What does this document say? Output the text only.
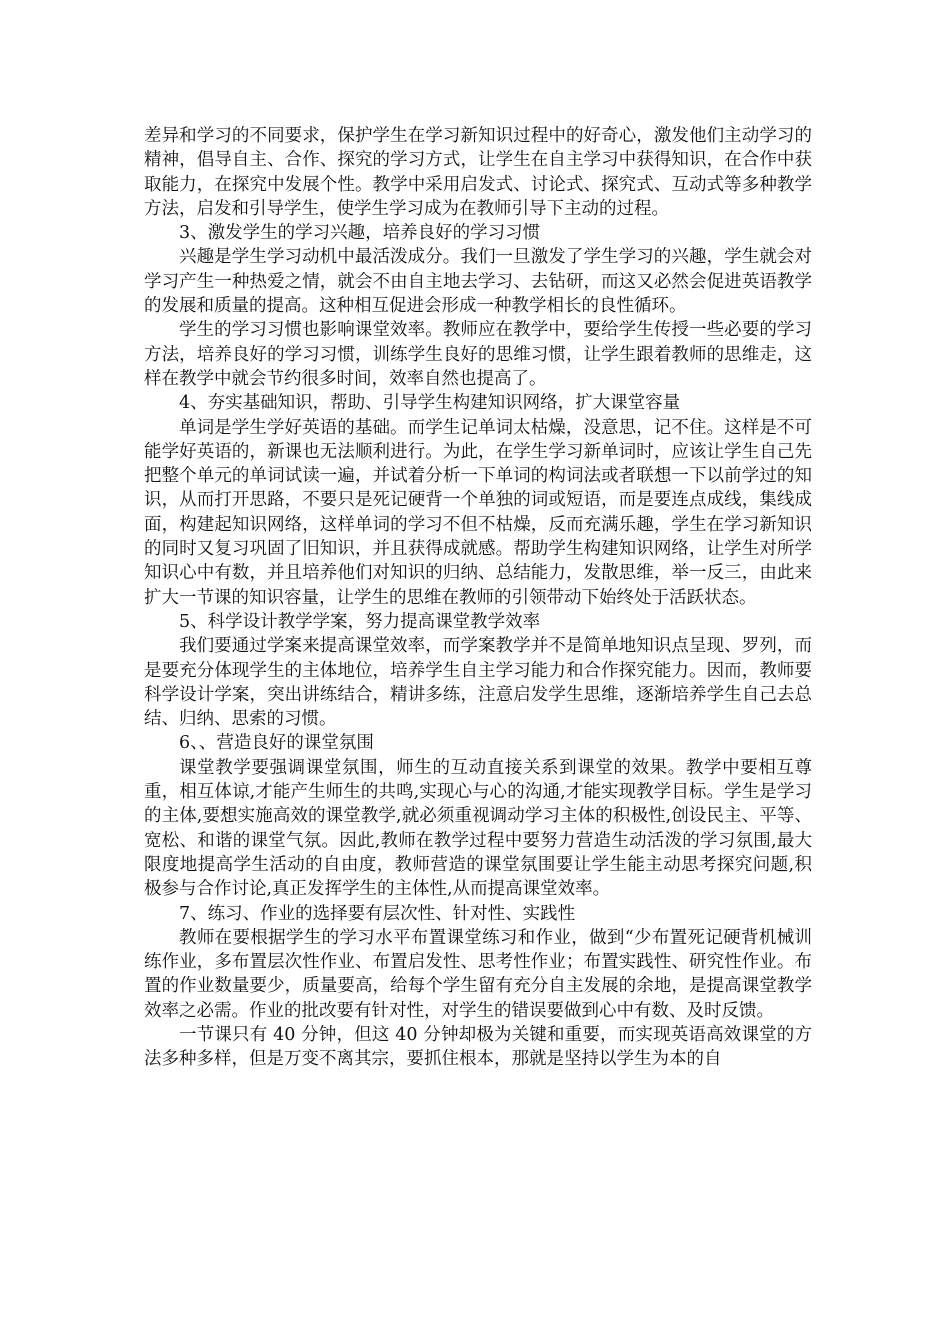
差异和学习的不同要求，保护学生在学习新知识过程中的好奇心，激发他们主动学习的精神，倡导自主、合作、探究的学习方式，让学生在自主学习中获得知识，在合作中获取能力，在探究中发展个性。教学中采用启发式、讨论式、探究式、互动式等多种教学方法，启发和引导学生，使学生学习成为在教师引导下主动的过程。

3、激发学生的学习兴趣，培养良好的学习习惯

兴趣是学生学习动机中最活泼成分。我们一旦激发了学生学习的兴趣，学生就会对学习产生一种热爱之情，就会不由自主地去学习、去钻研，而这又必然会促进英语教学的发展和质量的提高。这种相互促进会形成一种教学相长的良性循环。

学生的学习习惯也影响课堂效率。教师应在教学中，要给学生传授一些必要的学习方法，培养良好的学习习惯，训练学生良好的思维习惯，让学生跟着教师的思维走，这样在教学中就会节约很多时间，效率自然也提高了。

4、夯实基础知识，帮助、引导学生构建知识网络，扩大课堂容量

单词是学生学好英语的基础。而学生记单词太枯燥，没意思，记不住。这样是不可能学好英语的，新课也无法顺利进行。为此，在学生学习新单词时，应该让学生自己先把整个单元的单词试读一遍，并试着分析一下单词的构词法或者联想一下以前学过的知识，从而打开思路，不要只是死记硬背一个单独的词或短语，而是要连点成线，集线成面，构建起知识网络，这样单词的学习不但不枯燥，反而充满乐趣，学生在学习新知识的同时又复习巩固了旧知识，并且获得成就感。帮助学生构建知识网络，让学生对所学知识心中有数，并且培养他们对知识的归纳、总结能力，发散思维，举一反三，由此来扩大一节课的知识容量，让学生的思维在教师的引领带动下始终处于活跃状态。

5、科学设计教学学案，努力提高课堂教学效率

我们要通过学案来提高课堂效率，而学案教学并不是简单地知识点呈现、罗列，而是要充分体现学生的主体地位，培养学生自主学习能力和合作探究能力。因而，教师要科学设计学案，突出讲练结合，精讲多练，注意启发学生思维，逐渐培养学生自己去总结、归纳、思索的习惯。

6、、营造良好的课堂氛围

课堂教学要强调课堂氛围，师生的互动直接关系到课堂的效果。教学中要相互尊重，相互体谅,才能产生师生的共鸣,实现心与心的沟通,才能实现教学目标。学生是学习的主体,要想实施高效的课堂教学,就必须重视调动学习主体的积极性,创设民主、平等、宽松、和谐的课堂气氛。因此,教师在教学过程中要努力营造生动活泼的学习氛围,最大限度地提高学生活动的自由度，教师营造的课堂氛围要让学生能主动思考探究问题,积极参与合作讨论,真正发挥学生的主体性,从而提高课堂效率。

7、练习、作业的选择要有层次性、针对性、实践性

教师在要根据学生的学习水平布置课堂练习和作业，做到“少布置死记硬背机械训练作业，多布置层次性作业、布置启发性、思考性作业；布置实践性、研究性作业。布置的作业数量要少，质量要高，给每个学生留有充分自主发展的余地，是提高课堂教学效率之必需。作业的批改要有针对性，对学生的错误要做到心中有数、及时反馈。

一节课只有 40 分钟，但这 40 分钟却极为关键和重要，而实现英语高效课堂的方法多种多样，但是万变不离其宗，要抓住根本，那就是坚持以学生为本的自
